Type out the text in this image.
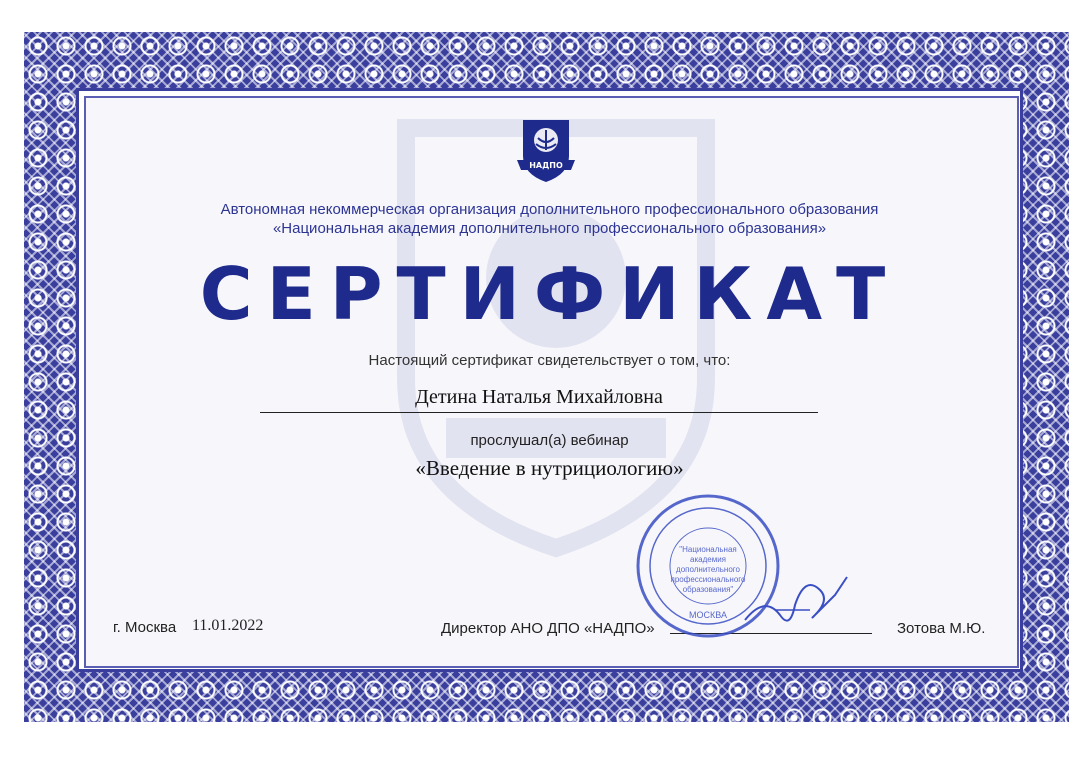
НАДПО
Автономная некоммерческая организация дополнительного профессионального образования
«Национальная академия дополнительного профессионального образования»
СЕРТИФИКАТ
Настоящий сертификат свидетельствует о том, что:
Детина Наталья Михайловна
прослушал(а) вебинар
«Введение в нутрициологию»
г. Москва 11.01.2022	Директор АНО ДПО «НАДПО»	Зотова М.Ю.
"Национальная
академия
дополнительного
профессионального
образования"
МОСКВА
